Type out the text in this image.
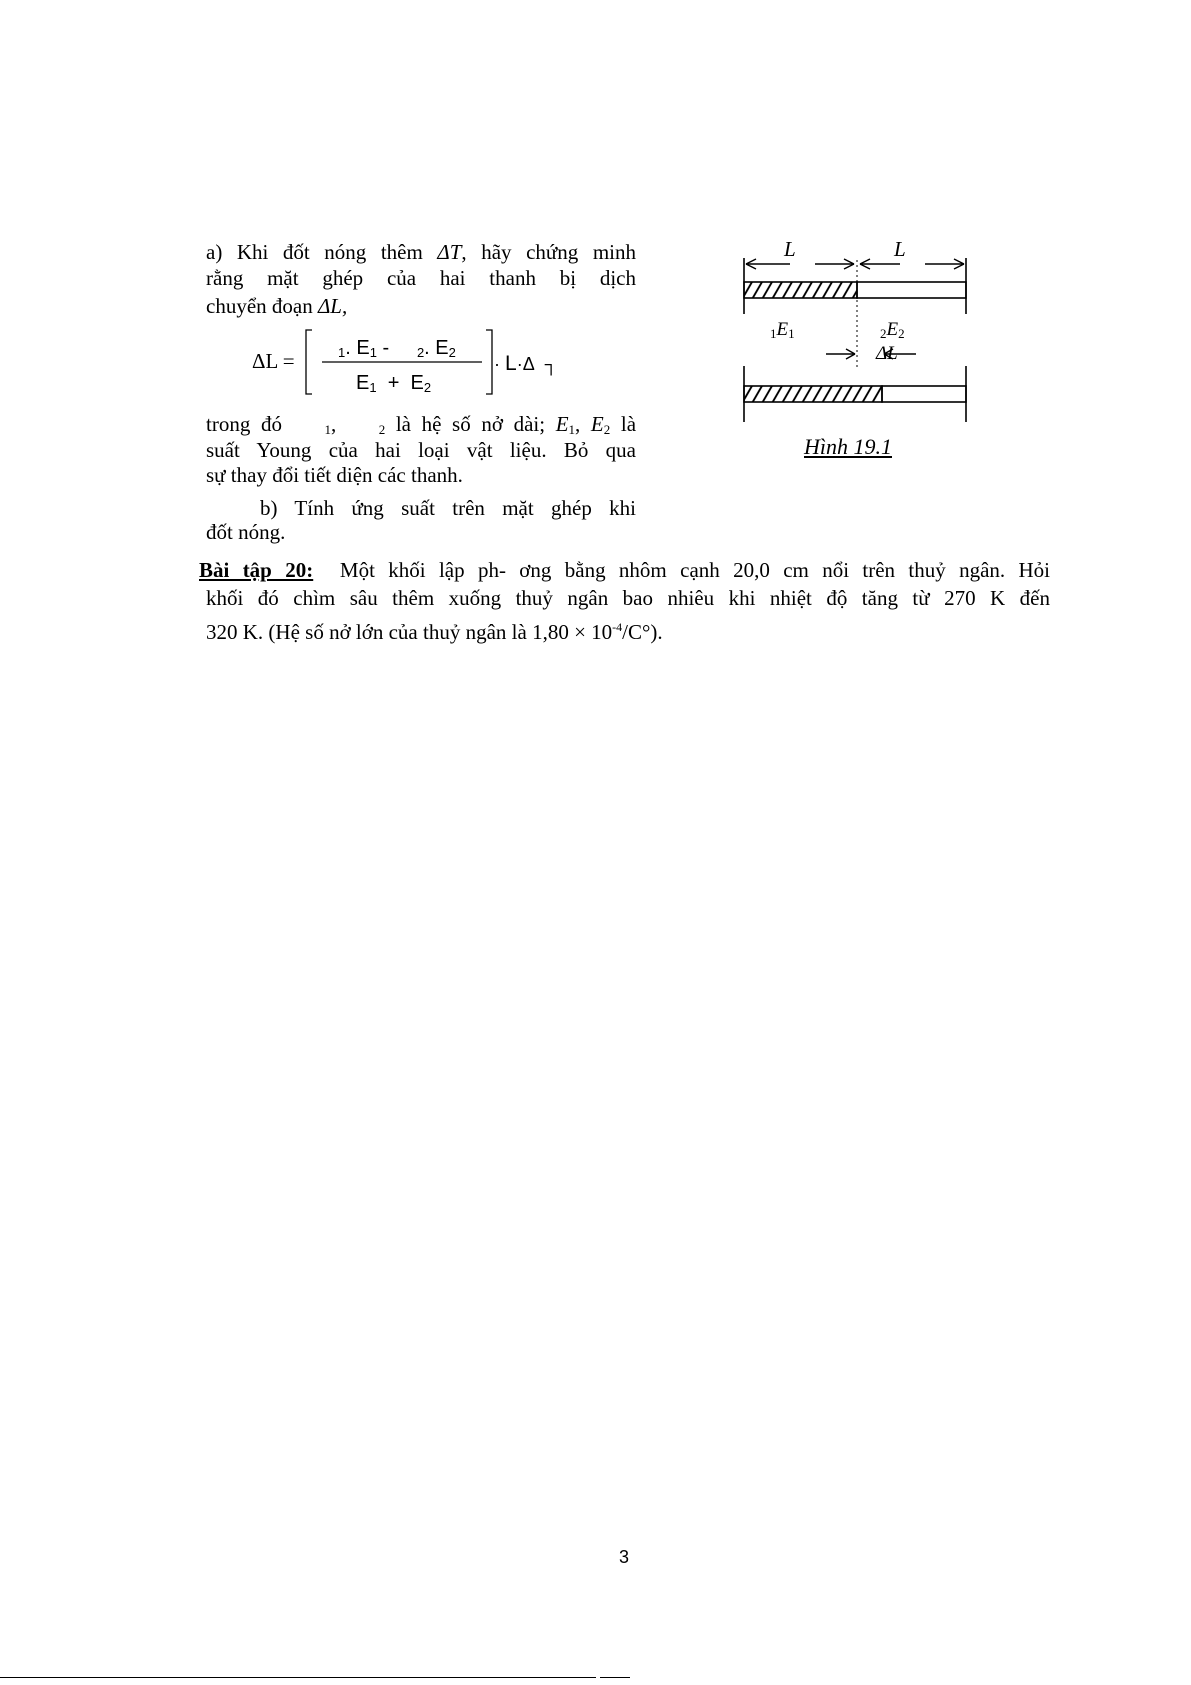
a) Khi đốt nóng thêm ΔT, hãy chứng minh
rằng mặt ghép của hai thanh bị dịch
chuyển đoạn ΔL,
ΔL =	$_1$. $E_1 - _2$. $E_2$
$E_1 + E_2$
· L·Δ ┐
trong đó	$_1$,    $_2$ là hệ số nở dài; $E_1$, $E_2$ là
suất Young của hai loại vật liệu. Bỏ qua
sự thay đổi tiết diện các thanh.
b) Tính ứng suất trên mặt ghép khi
đốt nóng.
Bài tập 20: Một khối lập ph- ơng bằng nhôm cạnh 20,0 cm nổi trên thuỷ ngân. Hỏi
khối đó chìm sâu thêm xuống thuỷ ngân bao nhiêu khi nhiệt độ tăng từ 270 K đến
320 K. (Hệ số nở lớn của thuỷ ngân là $1,80 \times 10^{-4}/C^\circ$).
L	L
$_1E_1$	$_2E_2$
ΔL
Hình 19.1
3
